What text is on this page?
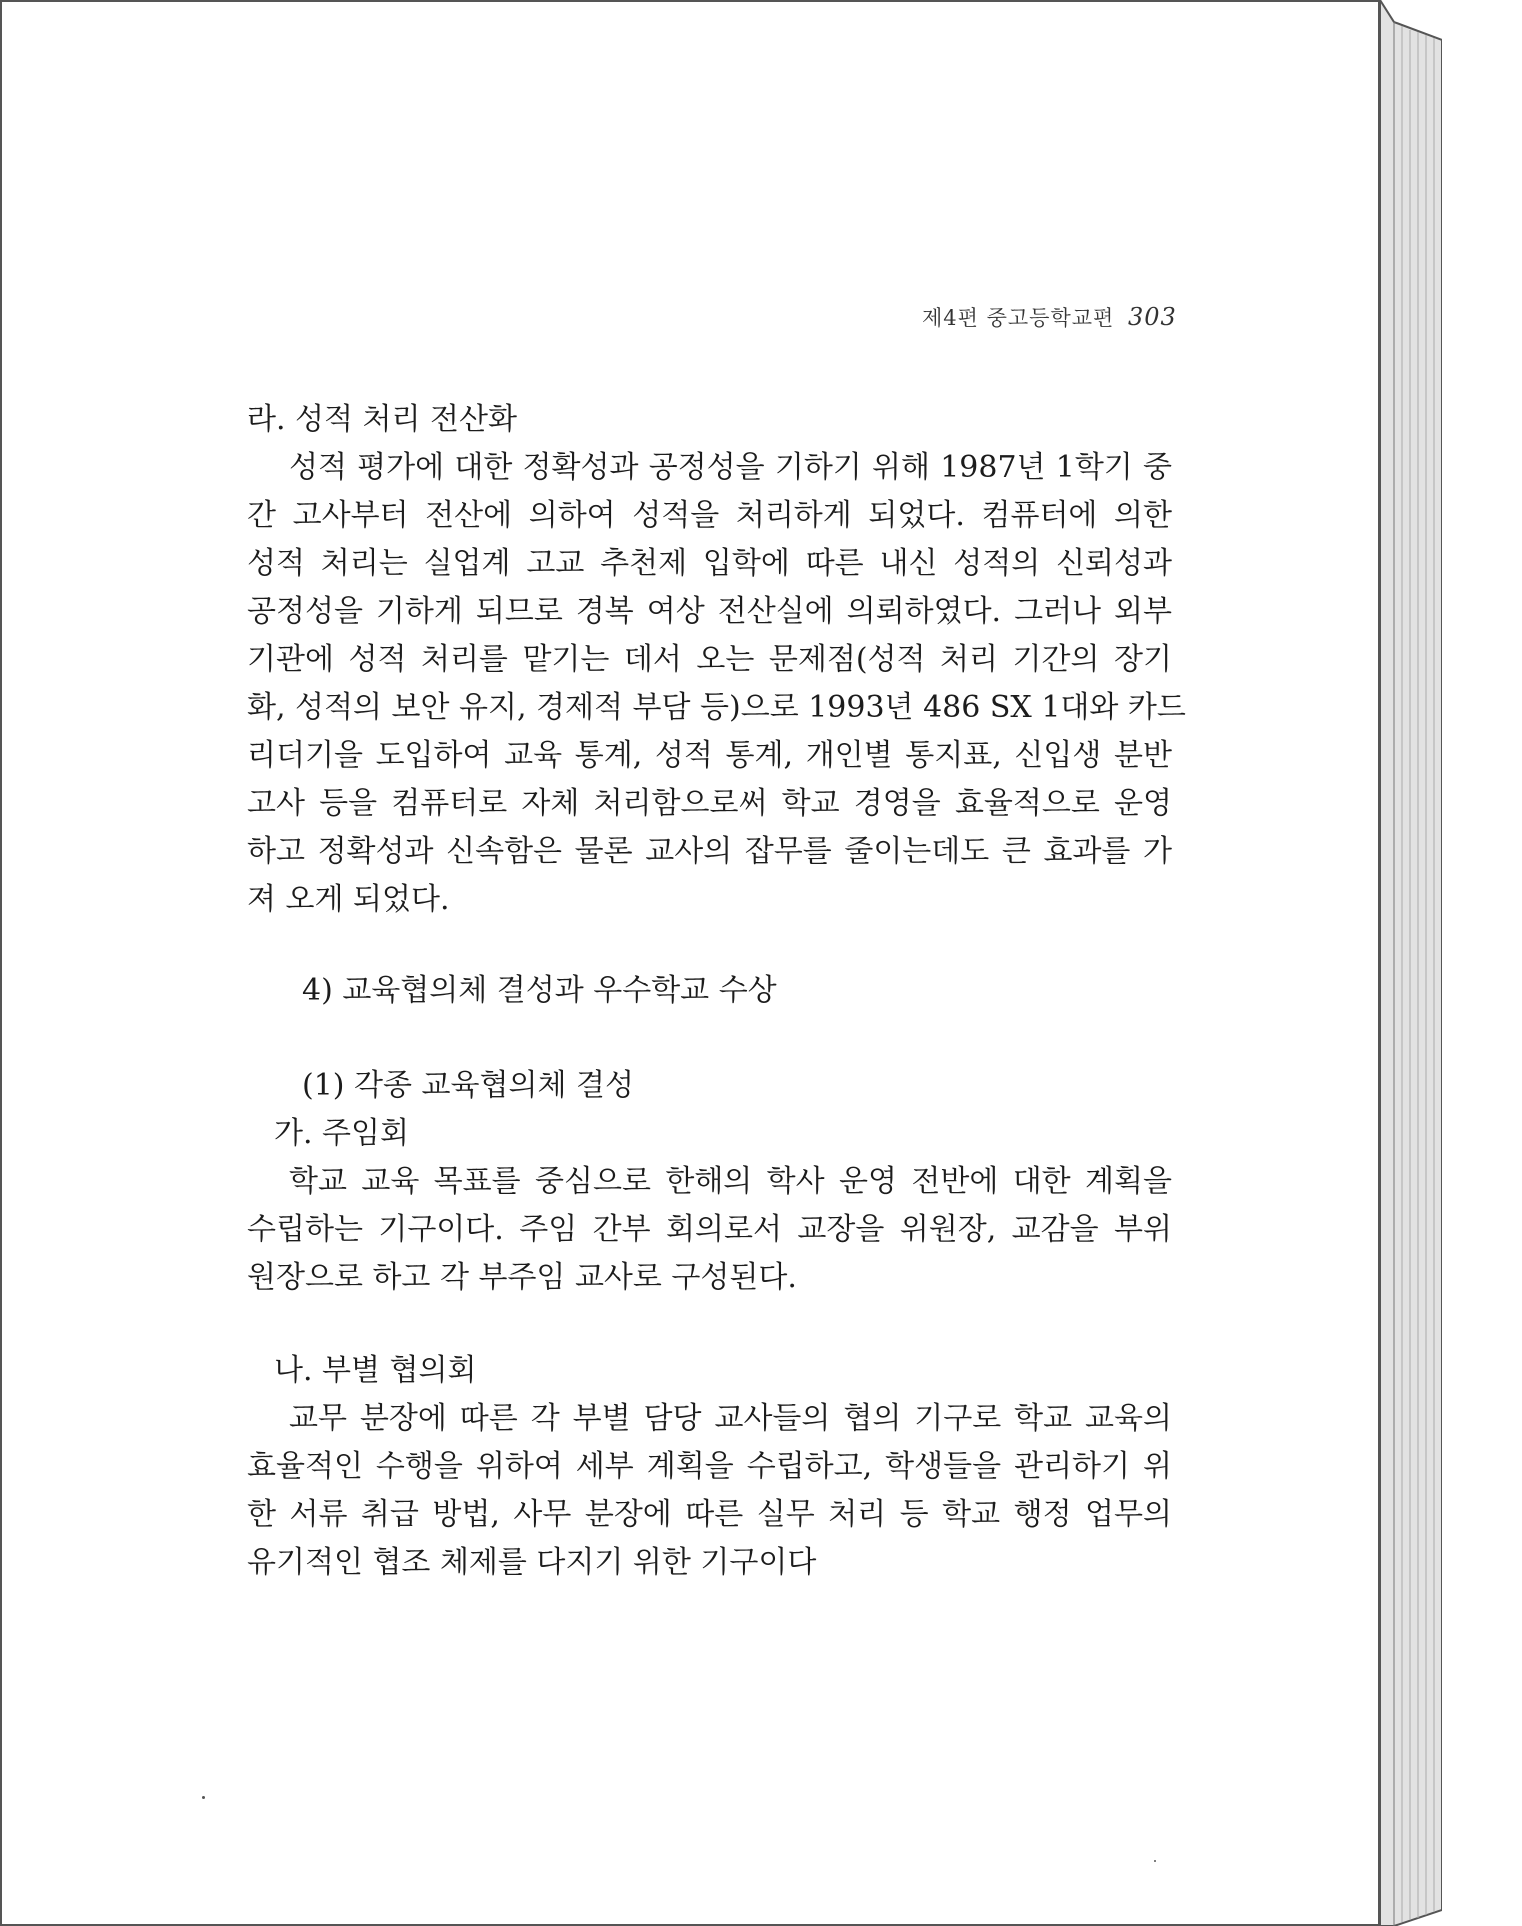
제4편 중고등학교편 303
라. 성적 처리 전산화
성적 평가에 대한 정확성과 공정성을 기하기 위해 1987년 1학기 중
간 고사부터 전산에 의하여 성적을 처리하게 되었다. 컴퓨터에 의한
성적 처리는 실업계 고교 추천제 입학에 따른 내신 성적의 신뢰성과
공정성을 기하게 되므로 경복 여상 전산실에 의뢰하였다. 그러나 외부
기관에 성적 처리를 맡기는 데서 오는 문제점(성적 처리 기간의 장기
화, 성적의 보안 유지, 경제적 부담 등)으로 1993년 486 SX 1대와 카드
리더기을 도입하여 교육 통계, 성적 통계, 개인별 통지표, 신입생 분반
고사 등을 컴퓨터로 자체 처리함으로써 학교 경영을 효율적으로 운영
하고 정확성과 신속함은 물론 교사의 잡무를 줄이는데도 큰 효과를 가
져 오게 되었다.
4) 교육협의체 결성과 우수학교 수상
(1) 각종 교육협의체 결성
가. 주임회
학교 교육 목표를 중심으로 한해의 학사 운영 전반에 대한 계획을
수립하는 기구이다. 주임 간부 회의로서 교장을 위원장, 교감을 부위
원장으로 하고 각 부주임 교사로 구성된다.
나. 부별 협의회
교무 분장에 따른 각 부별 담당 교사들의 협의 기구로 학교 교육의
효율적인 수행을 위하여 세부 계획을 수립하고, 학생들을 관리하기 위
한 서류 취급 방법, 사무 분장에 따른 실무 처리 등 학교 행정 업무의
유기적인 협조 체제를 다지기 위한 기구이다
